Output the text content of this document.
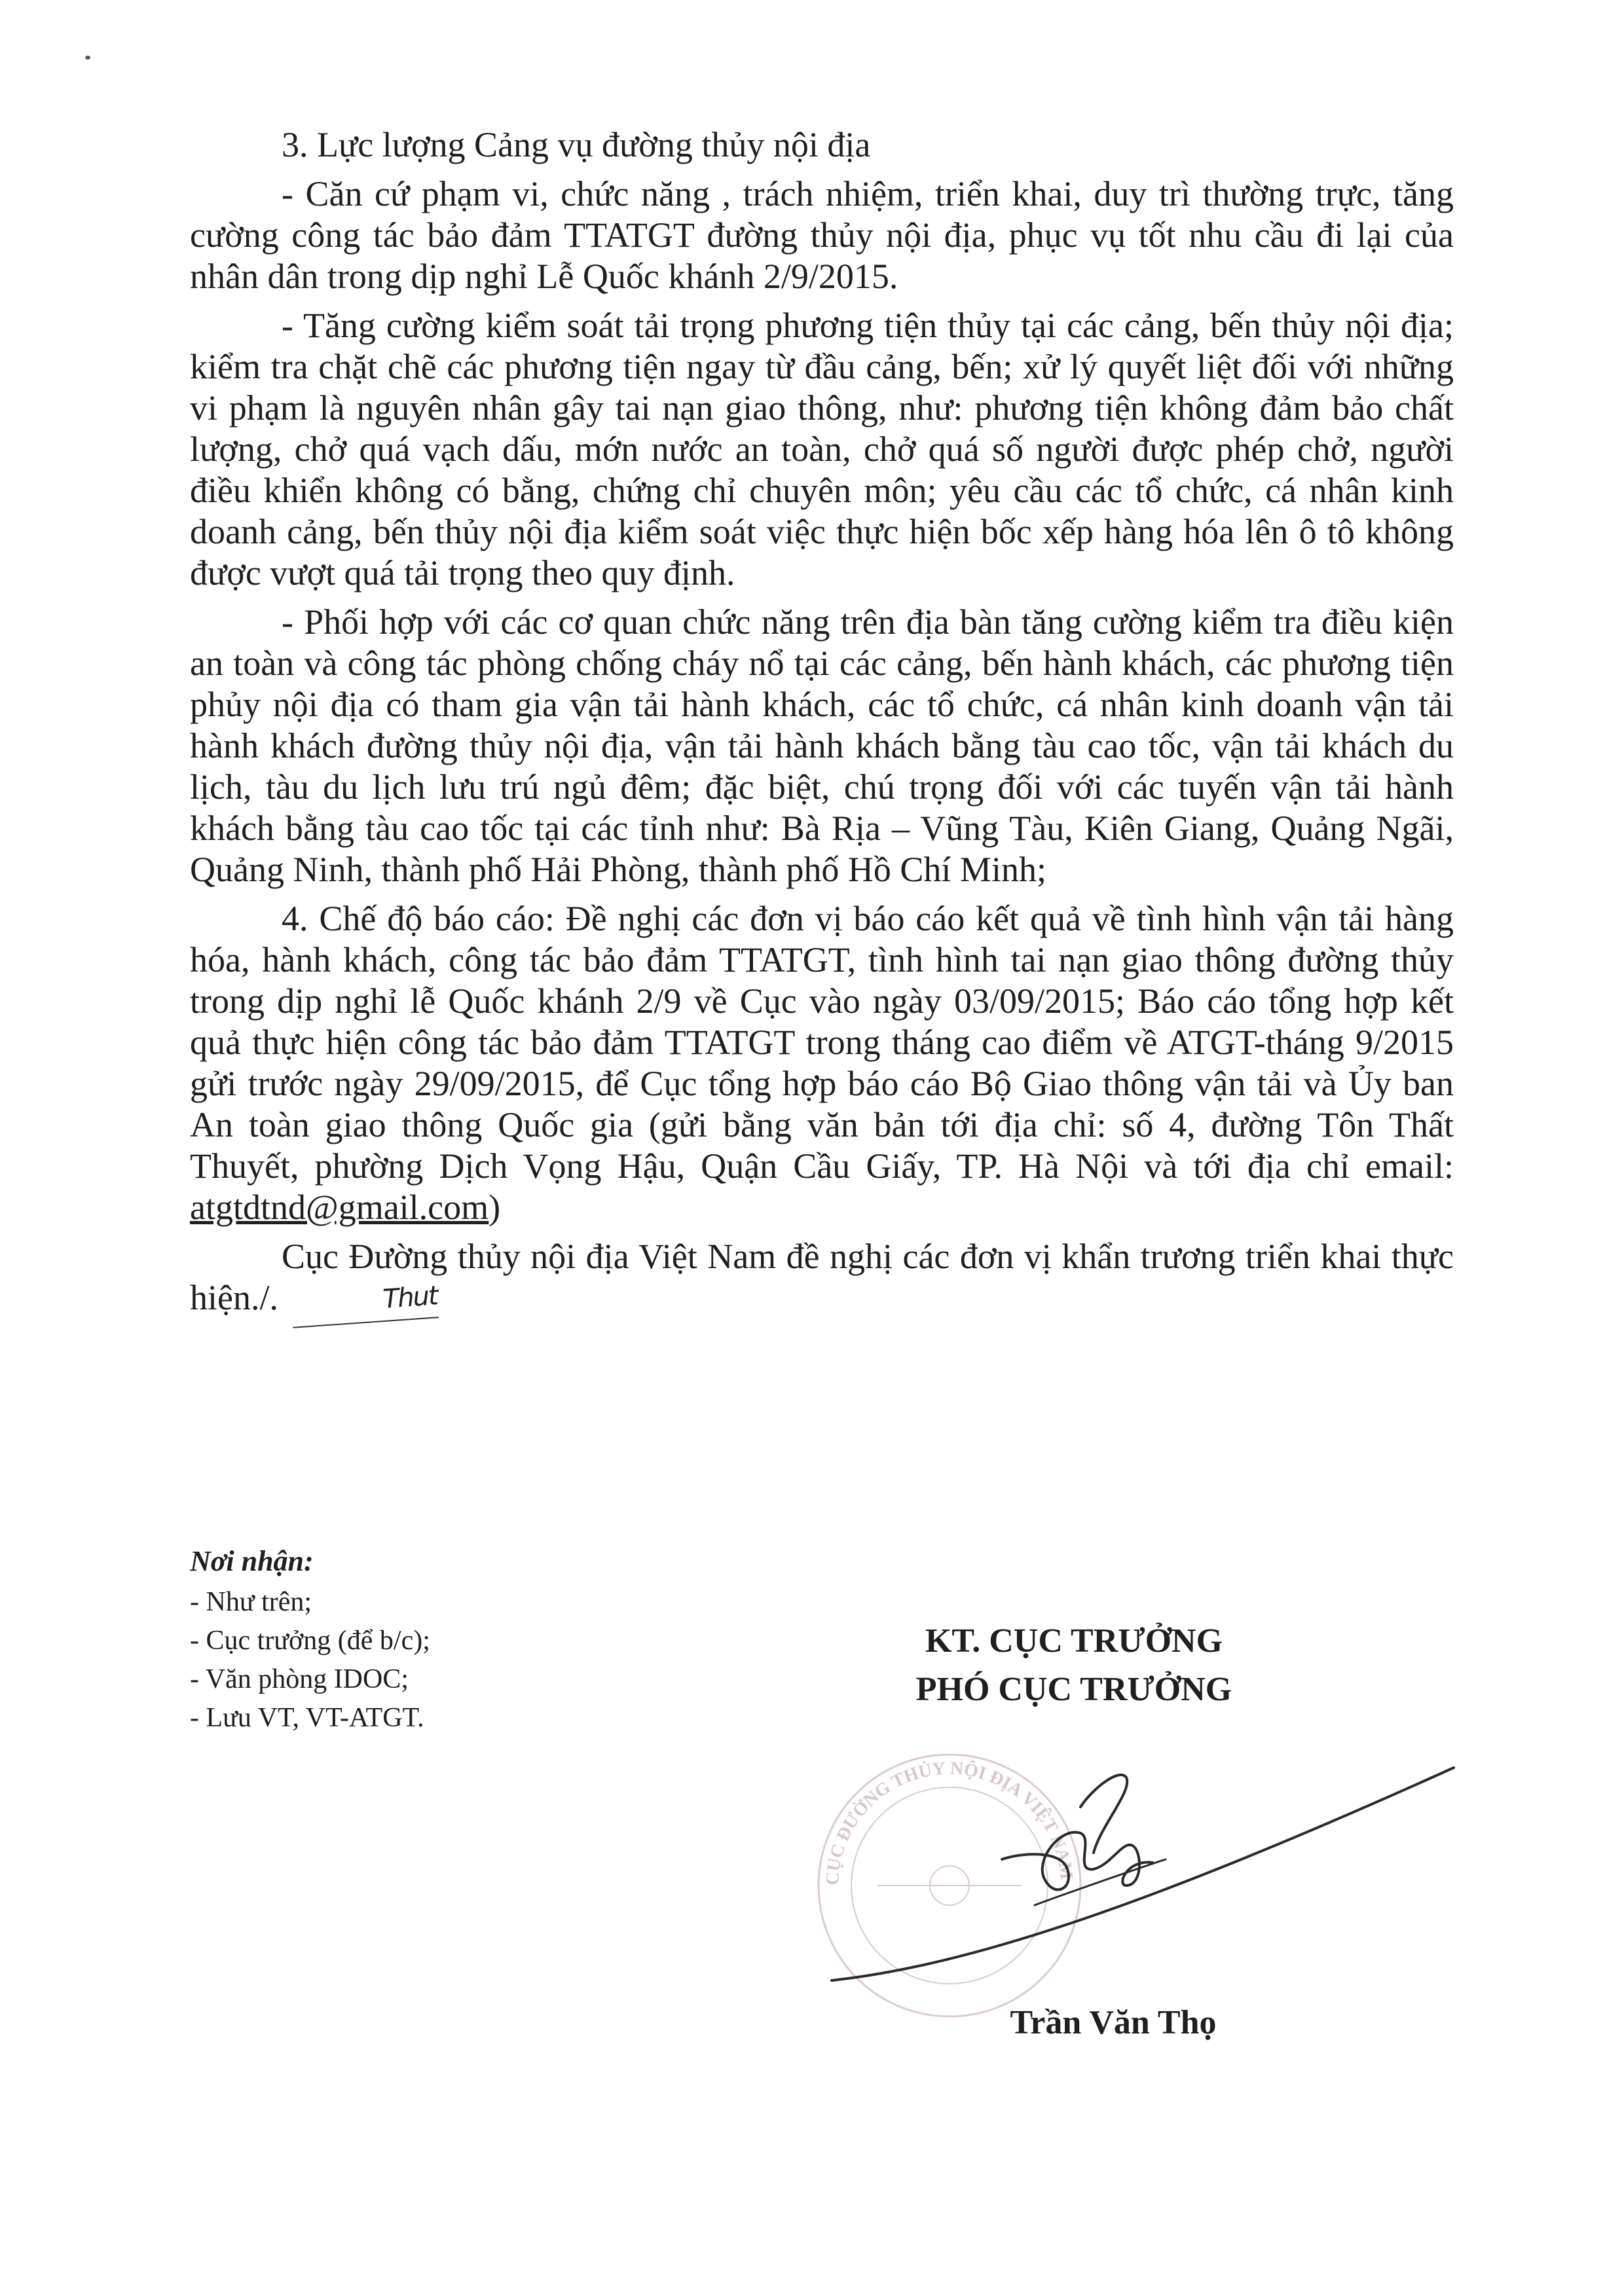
3. Lực lượng Cảng vụ đường thủy nội địa

- Căn cứ phạm vi, chức năng , trách nhiệm, triển khai, duy trì thường trực, tăng cường công tác bảo đảm TTATGT đường thủy nội địa, phục vụ tốt nhu cầu đi lại của nhân dân trong dịp nghỉ Lễ Quốc khánh 2/9/2015.

- Tăng cường kiểm soát tải trọng phương tiện thủy tại các cảng, bến thủy nội địa; kiểm tra chặt chẽ các phương tiện ngay từ đầu cảng, bến; xử lý quyết liệt đối với những vi phạm là nguyên nhân gây tai nạn giao thông, như: phương tiện không đảm bảo chất lượng, chở quá vạch dấu, mớn nước an toàn, chở quá số người được phép chở, người điều khiển không có bằng, chứng chỉ chuyên môn; yêu cầu các tổ chức, cá nhân kinh doanh cảng, bến thủy nội địa kiểm soát việc thực hiện bốc xếp hàng hóa lên ô tô không được vượt quá tải trọng theo quy định.

- Phối hợp với các cơ quan chức năng trên địa bàn tăng cường kiểm tra điều kiện an toàn và công tác phòng chống cháy nổ tại các cảng, bến hành khách, các phương tiện phủy nội địa có tham gia vận tải hành khách, các tổ chức, cá nhân kinh doanh vận tải hành khách đường thủy nội địa, vận tải hành khách bằng tàu cao tốc, vận tải khách du lịch, tàu du lịch lưu trú ngủ đêm; đặc biệt, chú trọng đối với các tuyến vận tải hành khách bằng tàu cao tốc tại các tỉnh như: Bà Rịa – Vũng Tàu, Kiên Giang, Quảng Ngãi, Quảng Ninh, thành phố Hải Phòng, thành phố Hồ Chí Minh;

4. Chế độ báo cáo: Đề nghị các đơn vị báo cáo kết quả về tình hình vận tải hàng hóa, hành khách, công tác bảo đảm TTATGT, tình hình tai nạn giao thông đường thủy trong dịp nghỉ lễ Quốc khánh 2/9 về Cục vào ngày 03/09/2015; Báo cáo tổng hợp kết quả thực hiện công tác bảo đảm TTATGT trong tháng cao điểm về ATGT-tháng 9/2015 gửi trước ngày 29/09/2015, để Cục tổng hợp báo cáo Bộ Giao thông vận tải và Ủy ban An toàn giao thông Quốc gia (gửi bằng văn bản tới địa chỉ: số 4, đường Tôn Thất Thuyết, phường Dịch Vọng Hậu, Quận Cầu Giấy, TP. Hà Nội và tới địa chỉ email: atgtdtnd@gmail.com)

Cục Đường thủy nội địa Việt Nam đề nghị các đơn vị khẩn trương triển khai thực hiện./.	Thut

Nơi nhận:
- Như trên;
- Cục trưởng (để b/c);
- Văn phòng IDOC;
- Lưu VT, VT-ATGT.
KT. CỤC TRƯỞNG
PHÓ CỤC TRƯỞNG
CỤC ĐƯỜNG THỦY NỘI ĐỊA VIỆT NAM
Trần Văn Thọ
